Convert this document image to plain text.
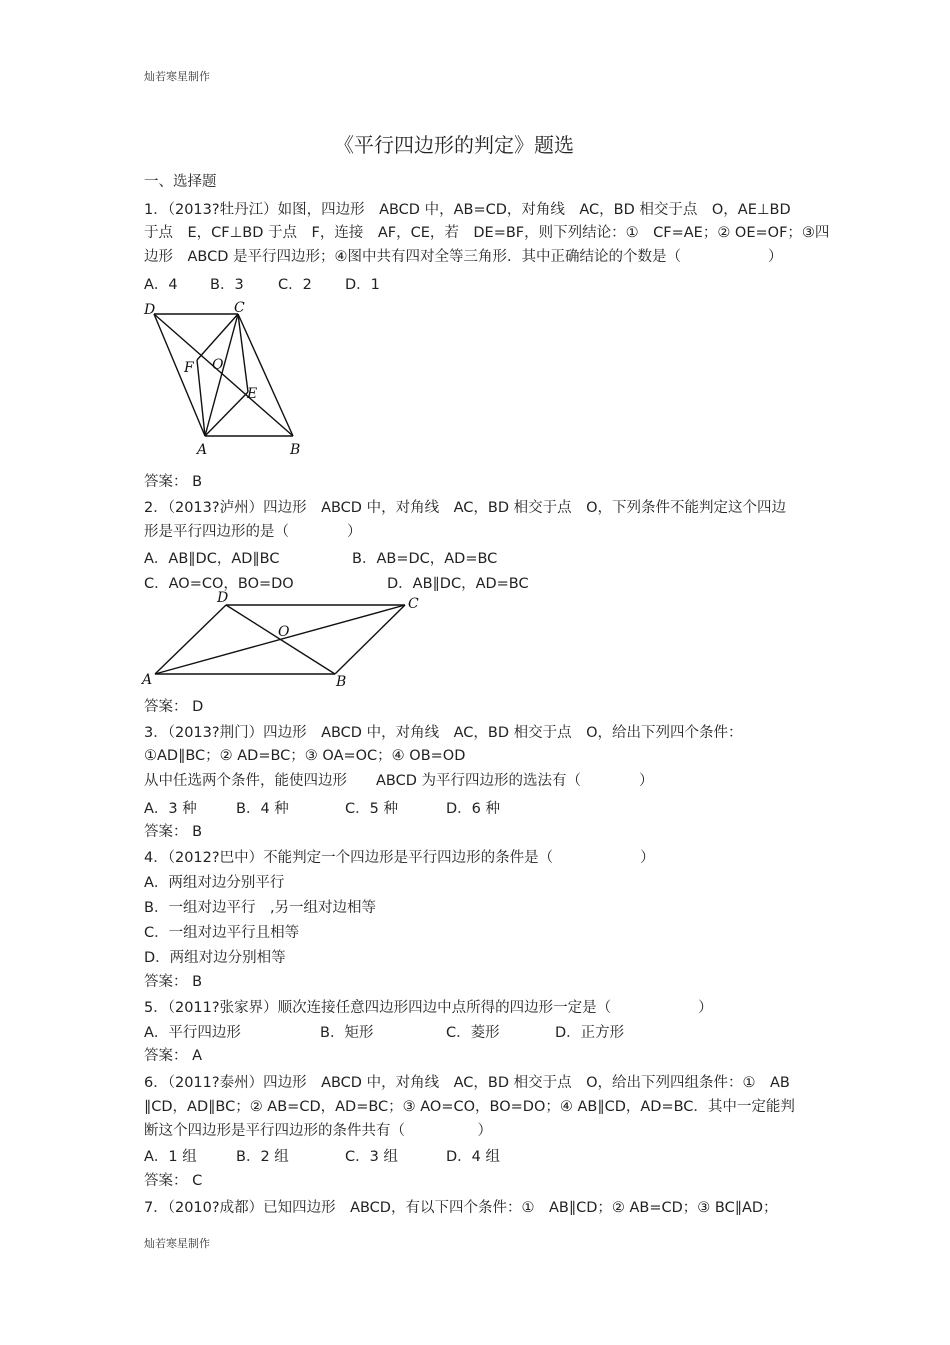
灿若寒星制作
《平行四边形的判定》题选
一、选择题
1．（2013?牡丹江）如图，四边形　ABCD 中，AB=CD，对角线　AC，BD 相交于点　O，AE⊥BD
于点　E，CF⊥BD 于点　F，连接　AF，CE，若　DE=BF，则下列结论：①　CF=AE；② OE=OF；③四
边形　ABCD 是平行四边形；④图中共有四对全等三角形．其中正确结论的个数是（　　　　　　）
A．4 B．3 C．2 D．1
D	C
F O
E
A	B
答案： B
2．（2013?泸州）四边形　ABCD 中，对角线　AC，BD 相交于点　O，下列条件不能判定这个四边
形是平行四边形的是（　　　　）
A．AB∥DC，AD∥BC	B．AB=DC，AD=BC
C．AO=CO，BO=DO	D．AB∥DC，AD=BC
D	C
O
A	B
答案： D
3．（2013?荆门）四边形　ABCD 中，对角线　AC，BD 相交于点　O，给出下列四个条件：
①AD∥BC；② AD=BC；③ OA=OC；④ OB=OD
从中任选两个条件，能使四边形　　ABCD 为平行四边形的选法有（　　　　）
A．3 种	B．4 种	C．5 种	D．6 种
答案： B
4．（2012?巴中）不能判定一个四边形是平行四边形的条件是（　　　　　　）
A．两组对边分别平行
B．一组对边平行　,另一组对边相等
C．一组对边平行且相等
D．两组对边分别相等
答案： B
5．（2011?张家界）顺次连接任意四边形四边中点所得的四边形一定是（　　　　　　）
A．平行四边形	B．矩形	C．菱形	D．正方形
答案： A
6．（2011?泰州）四边形　ABCD 中，对角线　AC，BD 相交于点　O，给出下列四组条件：①　AB
∥CD，AD∥BC；② AB=CD，AD=BC；③ AO=CO，BO=DO；④ AB∥CD，AD=BC．其中一定能判
断这个四边形是平行四边形的条件共有（　　　　　）
A．1 组	B．2 组	C．3 组	D．4 组
答案： C
7．（2010?成都）已知四边形　ABCD，有以下四个条件：①　AB∥CD；② AB=CD；③ BC∥AD；
灿若寒星制作
